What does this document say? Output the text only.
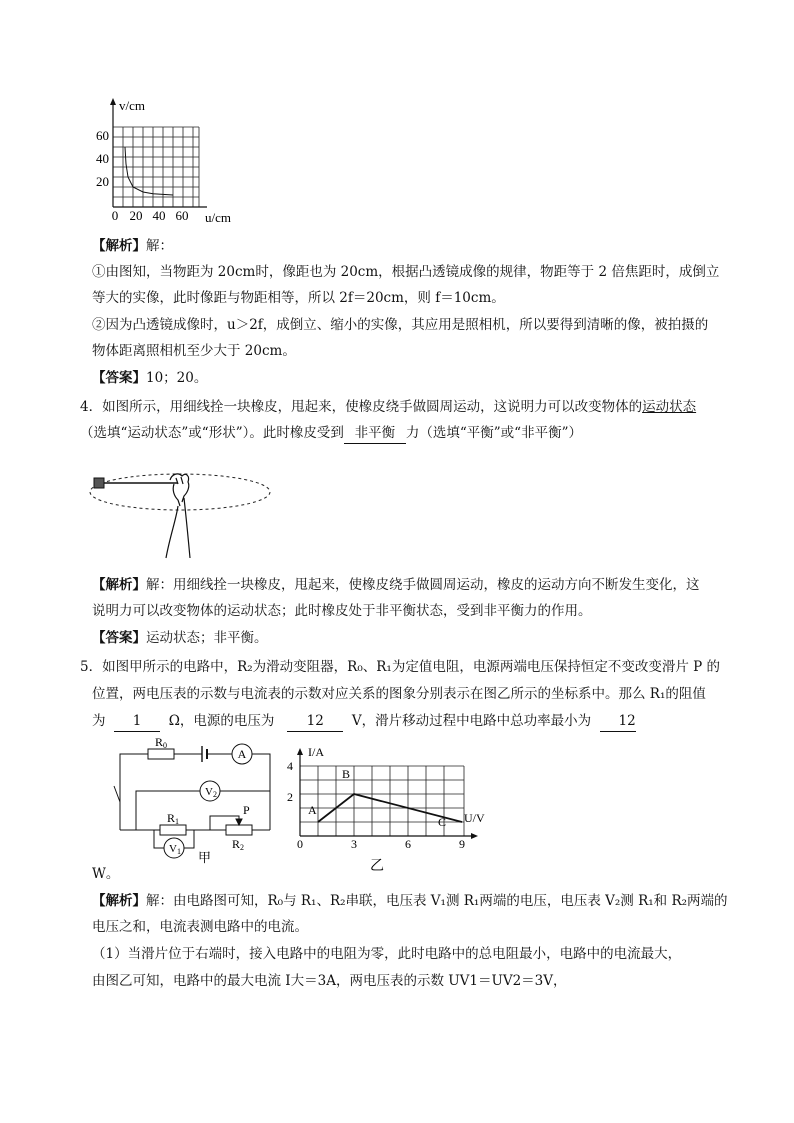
v/cm
60
40
20
0 20 40 60 u/cm
【解析】解：
①由图知，当物距为 20cm时，像距也为 20cm，根据凸透镜成像的规律，物距等于 2 倍焦距时，成倒立
等大的实像，此时像距与物距相等，所以 2f＝20cm，则 f＝10cm。
②因为凸透镜成像时，u＞2f，成倒立、缩小的实像，其应用是照相机，所以要得到清晰的像，被拍摄的
物体距离照相机至少大于 20cm。
【答案】10；20。
4．如图所示，用细线拴一块橡皮，甩起来，使橡皮绕手做圆周运动，这说明力可以改变物体的运动状态
（选填“运动状态”或“形状”）。此时橡皮受到 非平衡 力（选填“平衡”或“非平衡”）
【解析】解：用细线拴一块橡皮，甩起来，使橡皮绕手做圆周运动，橡皮的运动方向不断发生变化，这
说明力可以改变物体的运动状态；此时橡皮处于非平衡状态，受到非平衡力的作用。
【答案】运动状态；非平衡。
5．如图甲所示的电路中，R₂为滑动变阻器，R₀、R₁为定值电阻，电源两端电压保持恒定不变改变滑片 P 的
位置，两电压表的示数与电流表的示数对应关系的图象分别表示在图乙所示的坐标系中。那么 R₁的阻值
为 1 Ω，电源的电压为 12 V，滑片移动过程中电路中总功率最小为 12
R0
A
V2
R1
P
R2
V1 甲
I/A
4
2
0	3	6	9
U/V
A
B
C
乙
W。
【解析】解：由电路图可知，R₀与 R₁、R₂串联，电压表 V₁测 R₁两端的电压，电压表 V₂测 R₁和 R₂两端的
电压之和，电流表测电路中的电流。
（1）当滑片位于右端时，接入电路中的电阻为零，此时电路中的总电阻最小，电路中的电流最大，
由图乙可知，电路中的最大电流 I大＝3A，两电压表的示数 UV1＝UV2＝3V，
